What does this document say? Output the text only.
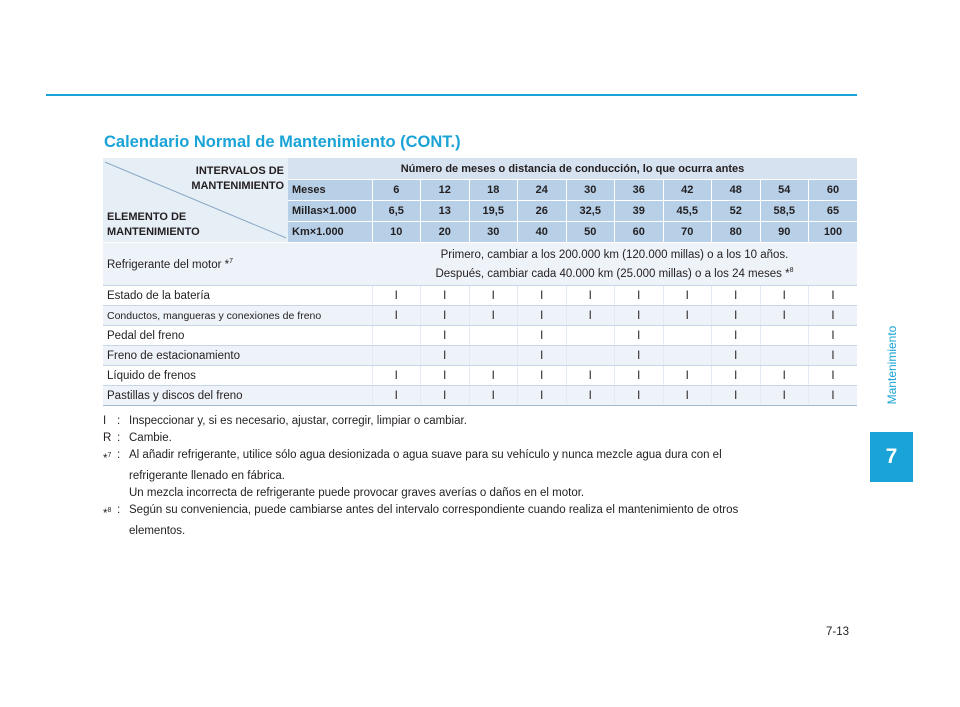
Calendario Normal de Mantenimiento (CONT.)
INTERVALOS DE
MANTENIMIENTO
ELEMENTO DE
MANTENIMIENTO	Número de meses o distancia de conducción, lo que ocurra antes										
	Meses	6	12	18	24	30	36	42	48	54	60
	Millas×1.000	6,5	13	19,5	26	32,5	39	45,5	52	58,5	65
	Km×1.000	10	20	30	40	50	60	70	80	90	100
Refrigerante del motor *$^7$		Primero, cambiar a los 200.000 km (120.000 millas) o a los 10 años.
Después, cambiar cada 40.000 km (25.000 millas) o a los 24 meses *$^8$

Estado de la batería		I	I	I	I	I	I	I	I	I	I
Conductos, mangueras y conexiones de freno		I	I	I	I	I	I	I	I	I	I
Pedal del freno			I		I		I		I		I
Freno de estacionamiento			I		I		I		I		I
Líquido de frenos		I	I	I	I	I	I	I	I	I	I
Pastillas y discos del freno		I	I	I	I	I	I	I	I	I	I
I : Inspeccionar y, si es necesario, ajustar, corregir, limpiar o cambiar.
R : Cambie.
*$^7$ : Al añadir refrigerante, utilice sólo agua desionizada o agua suave para su vehículo y nunca mezcle agua dura con el
refrigerante llenado en fábrica.
Un mezcla incorrecta de refrigerante puede provocar graves averías o daños en el motor.
*$^8$ : Según su conveniencia, puede cambiarse antes del intervalo correspondiente cuando realiza el mantenimiento de otros
elementos.
Mantenimiento
7
7-13
